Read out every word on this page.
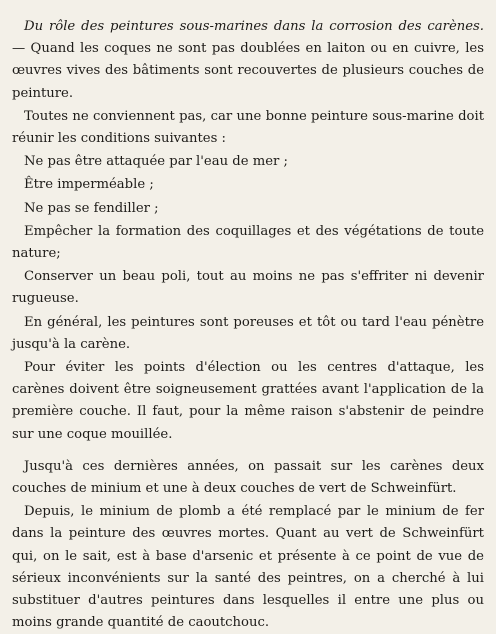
Du rôle des peintures sous-marines dans la corrosion des carènes. — Quand les coques ne sont pas doublées en laiton ou en cuivre, les œuvres vives des bâtiments sont recouvertes de plusieurs couches de peinture.

Toutes ne conviennent pas, car une bonne peinture sous-marine doit réunir les conditions suivantes :

Ne pas être attaquée par l'eau de mer ;

Être imperméable ;

Ne pas se fendiller ;

Empêcher la formation des coquillages et des végétations de toute nature;

Conserver un beau poli, tout au moins ne pas s'effriter ni devenir rugueuse.

En général, les peintures sont poreuses et tôt ou tard l'eau pénètre jusqu'à la carène.

Pour éviter les points d'élection ou les centres d'attaque, les carènes doivent être soigneusement grattées avant l'application de la première couche. Il faut, pour la même raison s'abstenir de peindre sur une coque mouillée.

Jusqu'à ces dernières années, on passait sur les carènes deux couches de minium et une à deux couches de vert de Schweinfürt.

Depuis, le minium de plomb a été remplacé par le minium de fer dans la peinture des œuvres mortes. Quant au vert de Schweinfürt qui, on le sait, est à base d'arsenic et présente à ce point de vue de sérieux inconvénients sur la santé des peintres, on a cherché à lui substituer d'autres peintures dans lesquelles il entre une plus ou moins grande quantité de caoutchouc.
